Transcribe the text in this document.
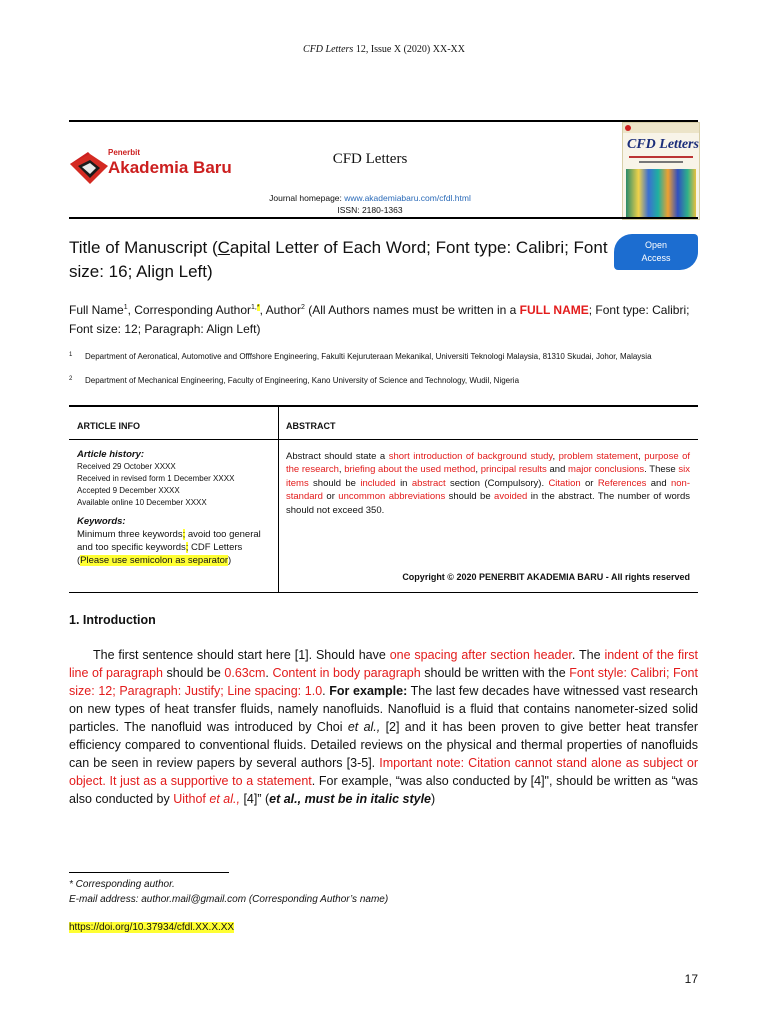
CFD Letters 12, Issue X (2020) XX-XX
Penerbit
Akademia Baru	CFD Letters
Journal homepage: www.akademiabaru.com/cfdl.html
ISSN: 2180-1363
CFD Letters
Title of Manuscript (Capital Letter of Each Word; Font type: Calibri; Font size: 16; Align Left)
Open
Access
Full Name$^1$, Corresponding Author$^{1,*}$, Author$^2$ (All Authors names must be written in a FULL NAME; Font type: Calibri; Font size: 12; Paragraph: Align Left)
1 Department of Aeronatical, Automotive and Offfshore Engineering, Fakulti Kejuruteraan Mekanikal, Universiti Teknologi Malaysia, 81310 Skudai, Johor, Malaysia
2 Department of Mechanical Engineering, Faculty of Engineering, Kano University of Science and Technology, Wudil, Nigeria
ARTICLE INFO	ABSTRACT
Article history:
Received 29 October XXXX
Received in revised form 1 December XXXX
Accepted 9 December XXXX
Available online 10 December XXXX
Keywords:
Minimum three keywords; avoid too general and too specific keywords; CDF Letters (Please use semicolon as separator)
Abstract should state a short introduction of background study, problem statement, purpose of the research, briefing about the used method, principal results and major conclusions. These six items should be included in abstract section (Compulsory). Citation or References and non-standard or uncommon abbreviations should be avoided in the abstract. The number of words should not exceed 350.
Copyright © 2020 PENERBIT AKADEMIA BARU - All rights reserved
1. Introduction
The first sentence should start here [1]. Should have one spacing after section header. The indent of the first line of paragraph should be 0.63cm. Content in body paragraph should be written with the Font style: Calibri; Font size: 12; Paragraph: Justify; Line spacing: 1.0. For example: The last few decades have witnessed vast research on new types of heat transfer fluids, namely nanofluids. Nanofluid is a fluid that contains nanometer-sized solid particles. The nanofluid was introduced by Choi et al., [2] and it has been proven to give better heat transfer efficiency compared to conventional fluids. Detailed reviews on the physical and thermal properties of nanofluids can be seen in review papers by several authors [3-5]. Important note: Citation cannot stand alone as subject or object. It just as a supportive to a statement. For example, “was also conducted by [4]", should be written as “was also conducted by Uithof et al., [4]” (et al., must be in italic style)
* Corresponding author.
E-mail address: author.mail@gmail.com (Corresponding Author’s name)
https://doi.org/10.37934/cfdl.XX.X.XX
17
